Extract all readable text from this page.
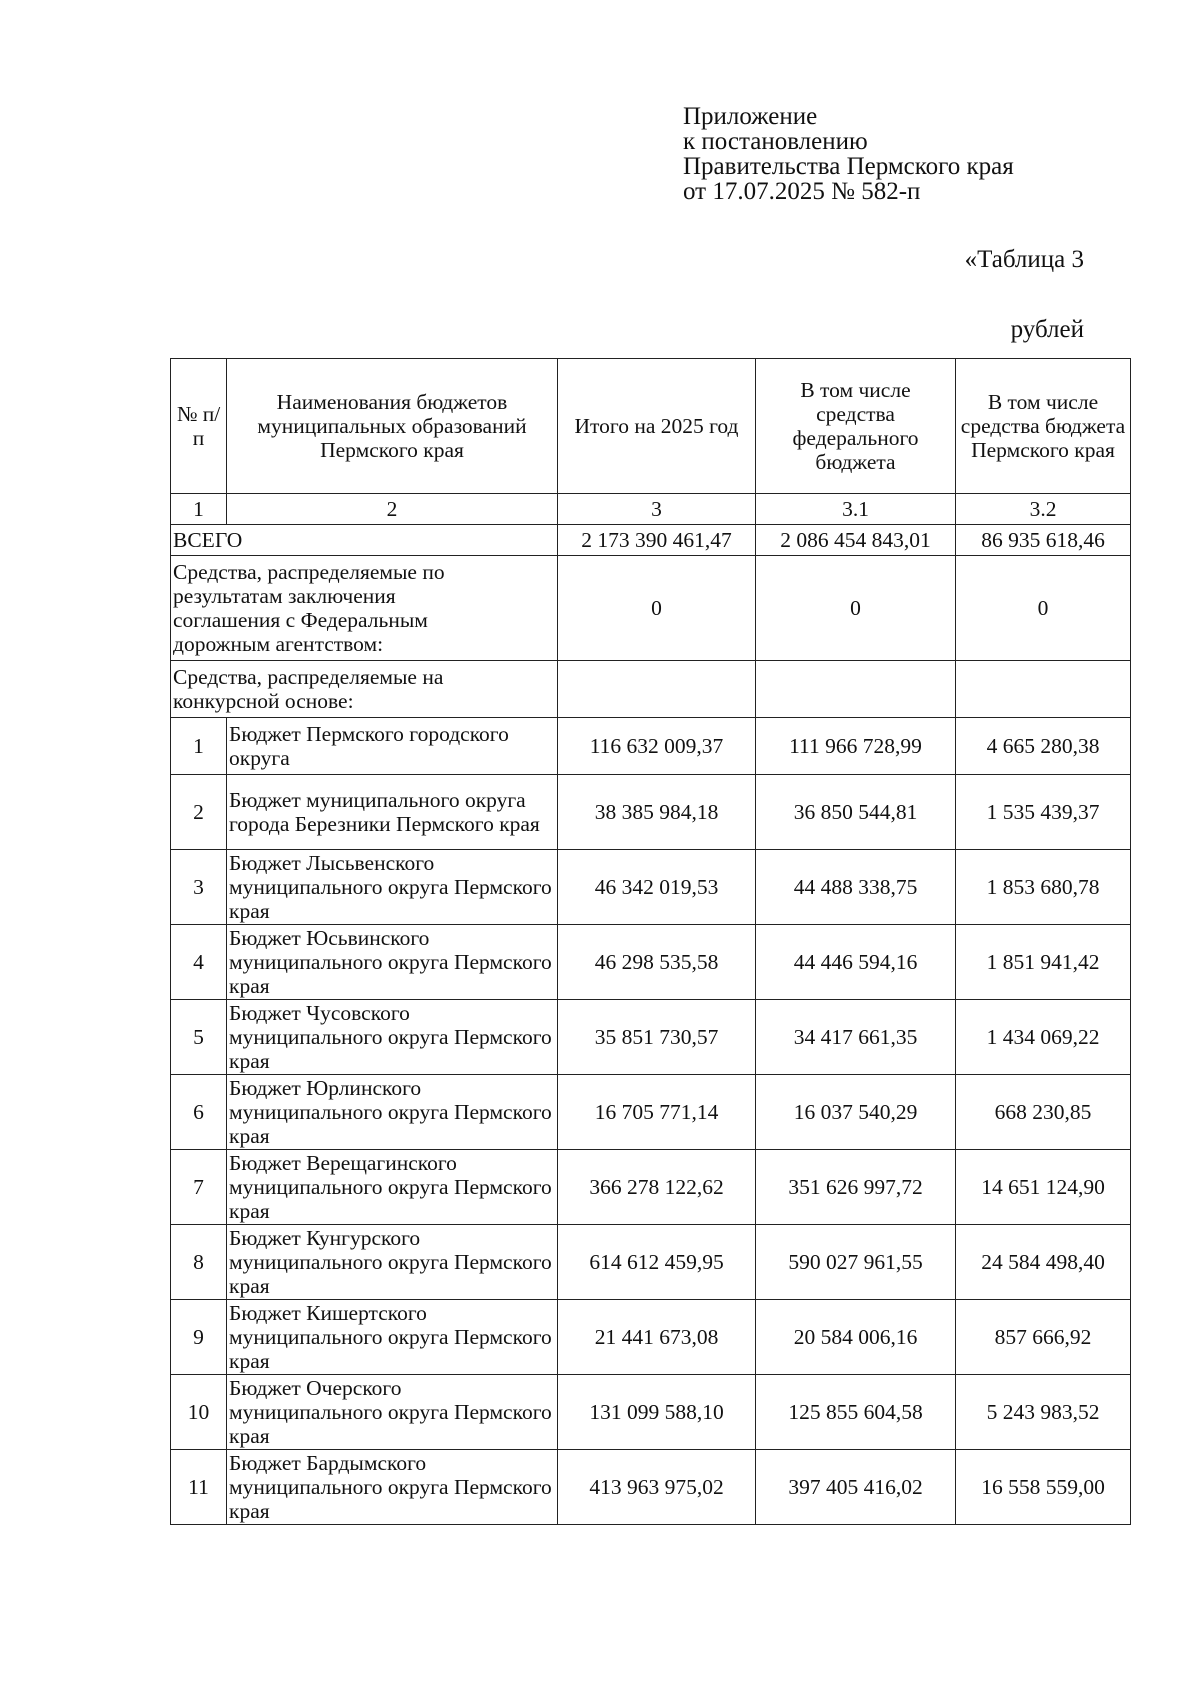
Приложение
к постановлению
Правительства Пермского края
от 17.07.2025 № 582-п
«Таблица 3
рублей
№ п/п	Наименования бюджетов муниципальных образований Пермского края	Итого на 2025 год	В том числе средства федерального бюджета	В том числе средства бюджета Пермского края
1	2	3	3.1	3.2
ВСЕГО		2 173 390 461,47	2 086 454 843,01	86 935 618,46
Средства, распределяемые по результатам заключения соглашения с Федеральным дорожным агентством:		0	0	0
Средства, распределяемые на конкурсной основе:				
1	Бюджет Пермского городского округа	116 632 009,37	111 966 728,99	4 665 280,38
2	Бюджет муниципального округа города Березники Пермского края	38 385 984,18	36 850 544,81	1 535 439,37
3	Бюджет Лысьвенского муниципального округа Пермского края	46 342 019,53	44 488 338,75	1 853 680,78
4	Бюджет Юсьвинского муниципального округа Пермского края	46 298 535,58	44 446 594,16	1 851 941,42
5	Бюджет Чусовского муниципального округа Пермского края	35 851 730,57	34 417 661,35	1 434 069,22
6	Бюджет Юрлинского муниципального округа Пермского края	16 705 771,14	16 037 540,29	668 230,85
7	Бюджет Верещагинского муниципального округа Пермского края	366 278 122,62	351 626 997,72	14 651 124,90
8	Бюджет Кунгурского муниципального округа Пермского края	614 612 459,95	590 027 961,55	24 584 498,40
9	Бюджет Кишертского муниципального округа Пермского края	21 441 673,08	20 584 006,16	857 666,92
10	Бюджет Очерского муниципального округа Пермского края	131 099 588,10	125 855 604,58	5 243 983,52
11	Бюджет Бардымского муниципального округа Пермского края	413 963 975,02	397 405 416,02	16 558 559,00
